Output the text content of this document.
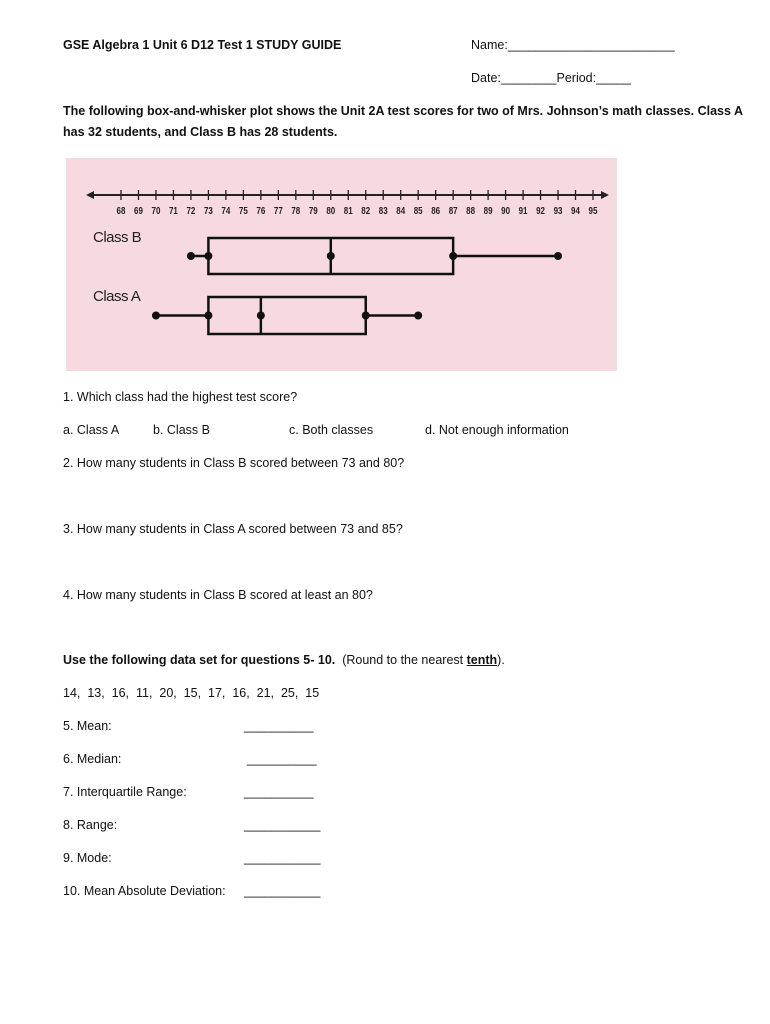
GSE Algebra 1 Unit 6 D12 Test 1 STUDY GUIDE	Name:________________________
Date:________Period:_____
The following box-and-whisker plot shows the Unit 2A test scores for two of Mrs. Johnson’s math classes. Class A
has 32 students, and Class B has 28 students.
68 69 70 71 72 73 74 75 76 77 78 79 80 81 82 83 84 85 86 87 88 89 90 91 92 93 94 95
Class B
Class A
1. Which class had the highest test score?
a. Class A	b. Class B	c. Both classes	d. Not enough information
2. How many students in Class B scored between 73 and 80?
3. How many students in Class A scored between 73 and 85?
4. How many students in Class B scored at least an 80?
Use the following data set for questions 5- 10.  (Round to the nearest tenth).
14,  13,  16,  11,  20,  15,  17,  16,  21,  25,  15
5. Mean:	__________
6. Median:	__________
7. Interquartile Range:	__________
8. Range:	___________
9. Mode:	___________
10. Mean Absolute Deviation: ___________
